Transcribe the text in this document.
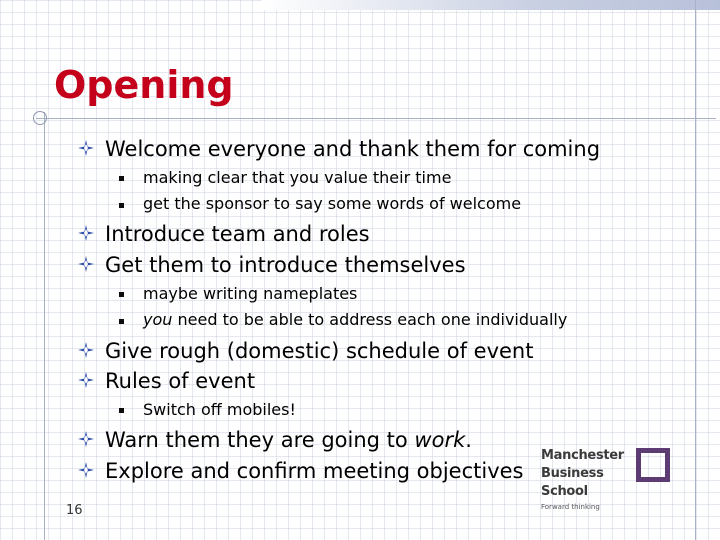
Opening
Welcome everyone and thank them for coming
making clear that you value their time
get the sponsor to say some words of welcome
Introduce team and roles
Get them to introduce themselves
maybe writing nameplates
you need to be able to address each one individually
Give rough (domestic) schedule of event
Rules of event
Switch off mobiles!
Warn them they are going to work.
Explore and confirm meeting objectives
16
Manchester
Business School
Forward thinking
